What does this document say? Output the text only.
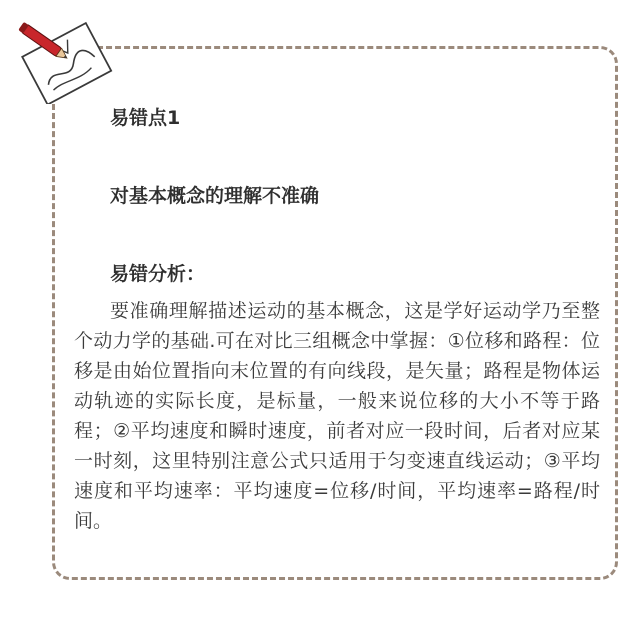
易错点1

对基本概念的理解不准确

易错分析：

要准确理解描述运动的基本概念，这是学好运动学乃至整个动力学的基础.可在对比三组概念中掌握：①位移和路程：位移是由始位置指向末位置的有向线段，是矢量；路程是物体运动轨迹的实际长度，是标量，一般来说位移的大小不等于路程；②平均速度和瞬时速度，前者对应一段时间，后者对应某一时刻，这里特别注意公式只适用于匀变速直线运动；③平均速度和平均速率：平均速度=位移/时间，平均速率=路程/时间。
